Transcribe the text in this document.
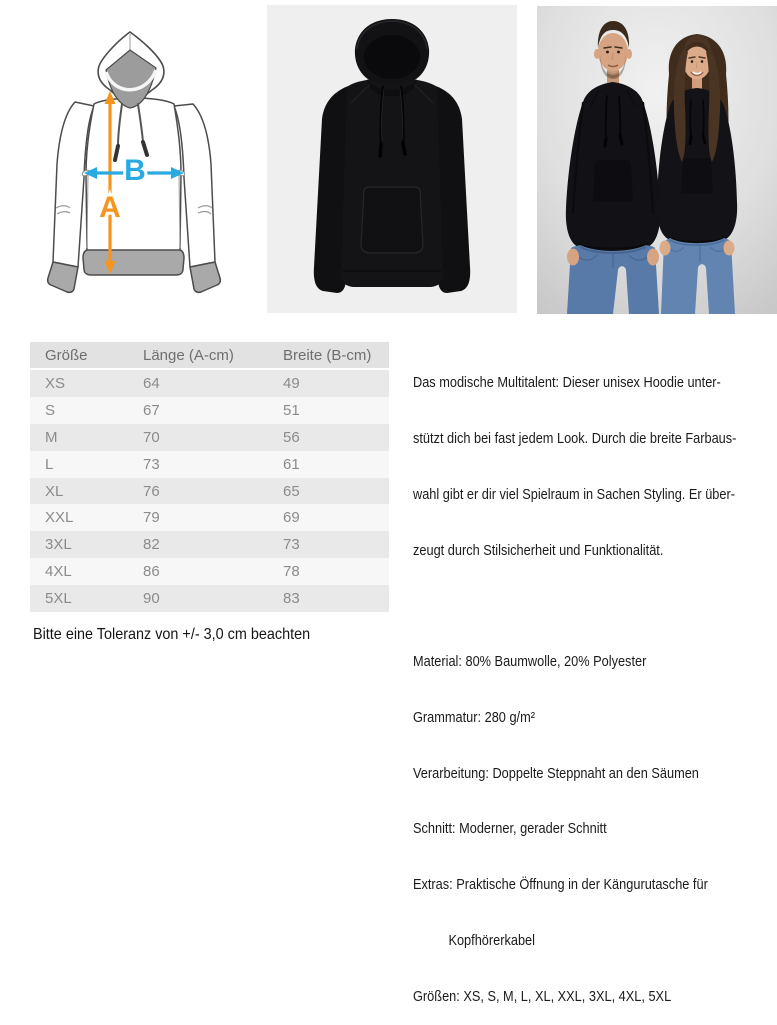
A
B
Größe	Länge (A-cm)	Breite (B-cm)
XS	64	49
S	67	51
M	70	56
L	73	61
XL	76	65
XXL	79	69
3XL	82	73
4XL	86	78
5XL	90	83
Bitte eine Toleranz von +/- 3,0 cm beachten

Das modische Multitalent: Dieser unisex Hoodie unter-

stützt dich bei fast jedem Look. Durch die breite Farbaus-

wahl gibt er dir viel Spielraum in Sachen Styling. Er über-

zeugt durch Stilsicherheit und Funktionalität.

Material: 80% Baumwolle, 20% Polyester

Grammatur: 280 g/m²

Verarbeitung: Doppelte Steppnaht an den Säumen

Schnitt: Moderner, gerader Schnitt

Extras: Praktische Öffnung in der Kängurutasche für

Kopfhörerkabel

Größen: XS, S, M, L, XL, XXL, 3XL, 4XL, 5XL
